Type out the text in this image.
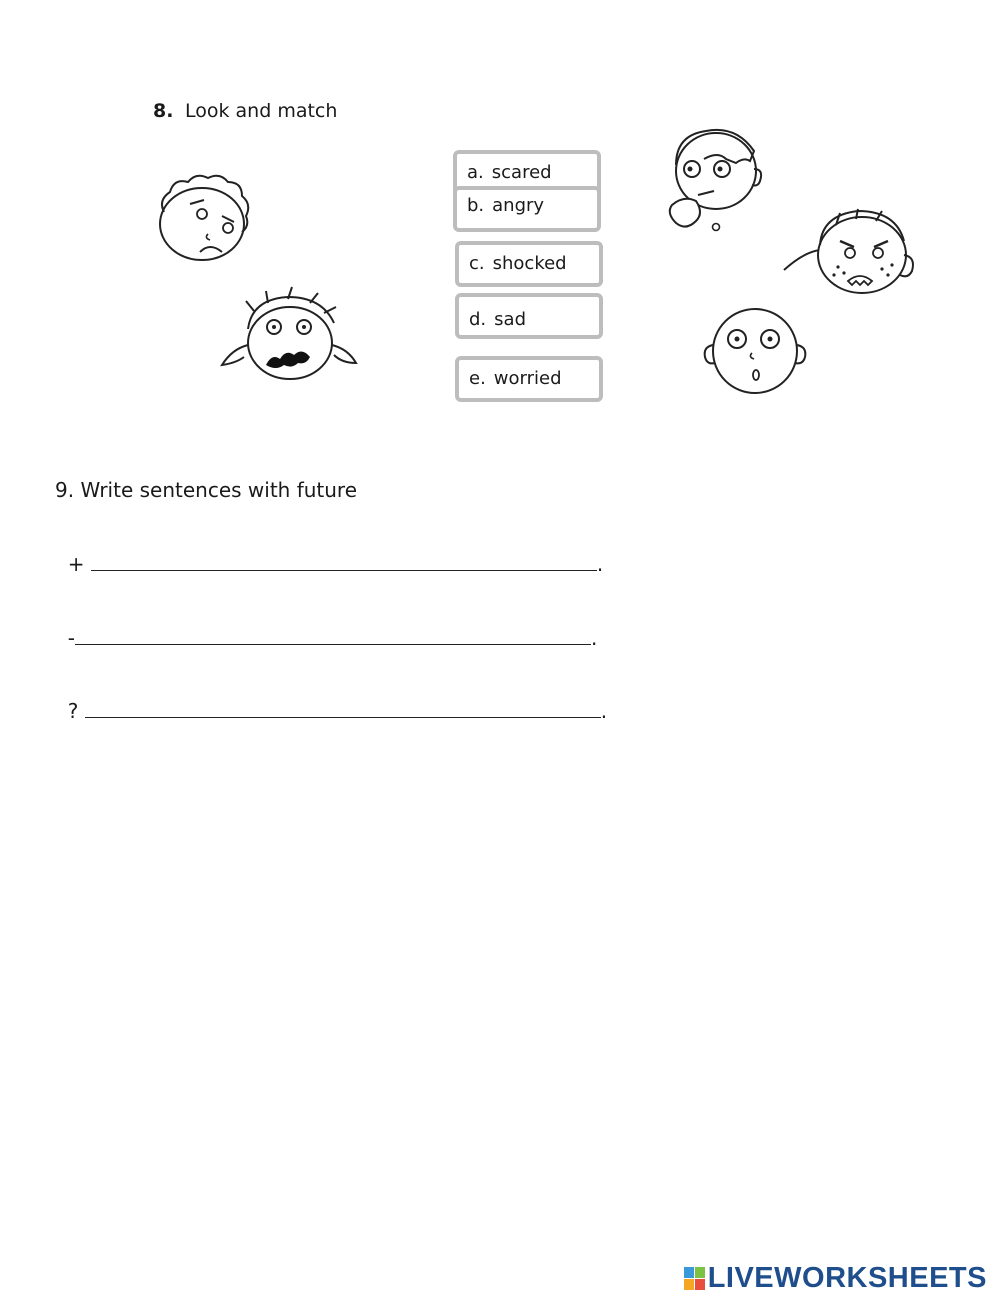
8. Look and match
a. scared
b. angry
c. shocked
d. sad
e. worried
9. Write sentences with future

+	.

-	.

?	.

LIVEWORKSHEETS
